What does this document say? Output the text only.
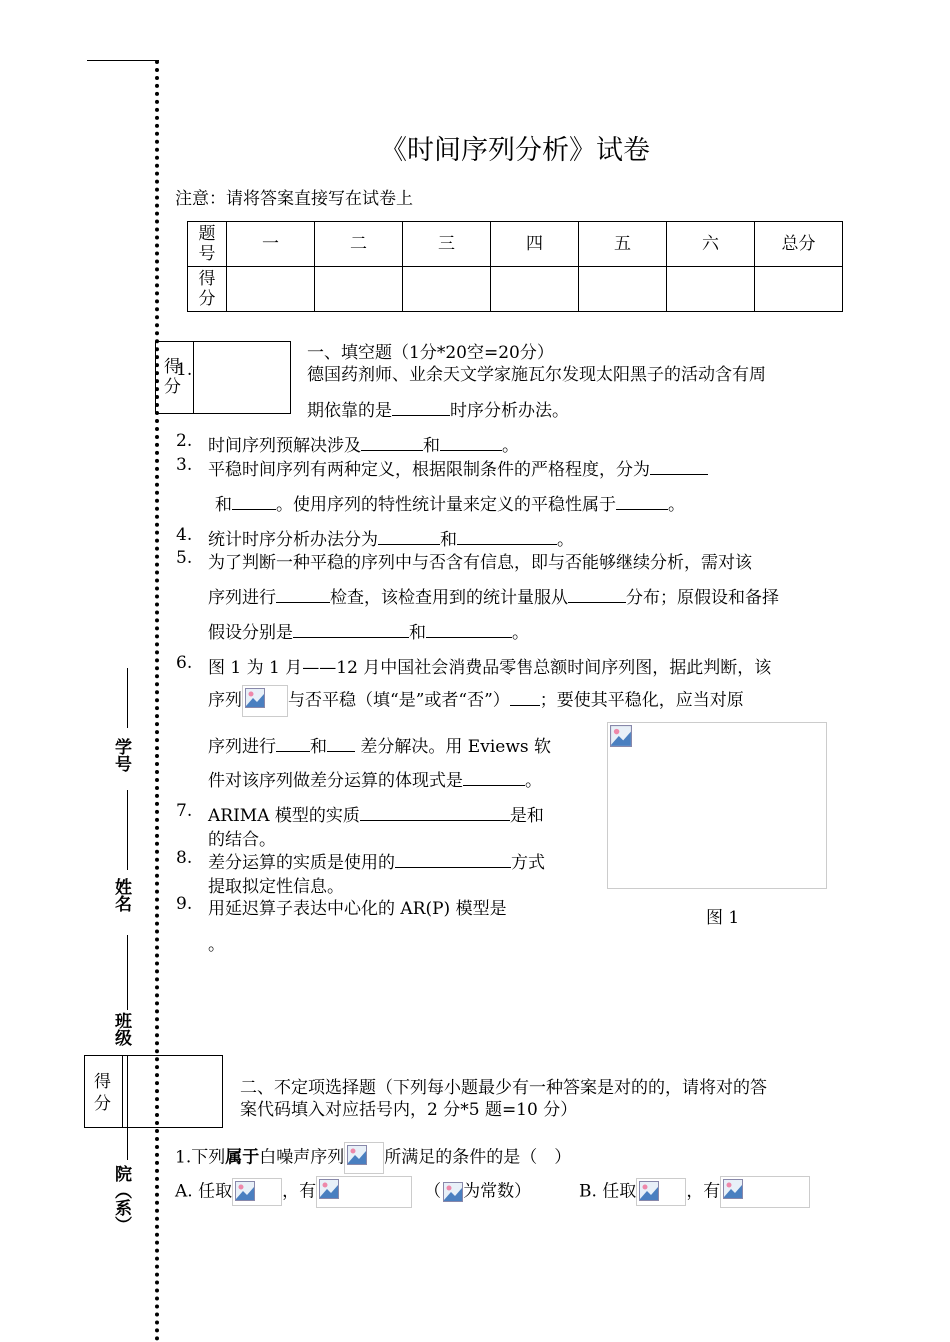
学号
姓名
班级
院（系）
《时间序列分析》试卷
注意：请将答案直接写在试卷上
题号	一	二	三	四	五	六	总分

得分							

得分
1.
一、填空题（1分*20空=20分）
德国药剂师、业余天文学家施瓦尔发现太阳黑子的活动含有周
期依靠的是	时序分析办法。
2. 时间序列预解决涉及	和	。
3. 平稳时间序列有两种定义，根据限制条件的严格程度，分为
和	。使用序列的特性统计量来定义的平稳性属于	。
4. 统计时序分析办法分为	和	。
5. 为了判断一种平稳的序列中与否含有信息，即与否能够继续分析，需对该
序列进行	检查，该检查用到的统计量服从	分布；原假设和备择
假设分别是	和	。
6. 图 1 为 1 月——12 月中国社会消费品零售总额时间序列图，据此判断，该
序列	与否平稳（填“是”或者“否”） ；要使其平稳化，应当对原
序列进行 和 差分解决。用 Eviews 软
件对该序列做差分运算的体现式是	。
图 1
7. ARIMA 模型的实质	是和
的结合。
8. 差分运算的实质是使用的	方式
提取拟定性信息。
9. 用延迟算子表达中心化的 AR(P) 模型是
。
得分
二、不定项选择题（下列每小题最少有一种答案是对的的，请将对的答
案代码填入对应括号内，2 分*5 题=10 分）
1.下列属于白噪声序列 所满足的条件的是（　）
A. 任取	，有	（ 为常数）	B. 任取	，有
